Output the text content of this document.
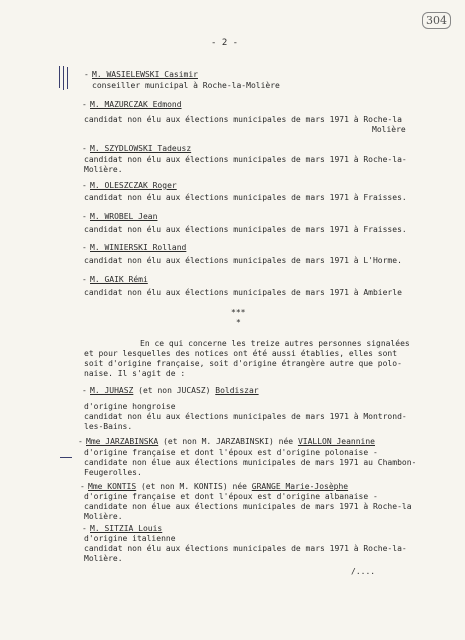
304
- 2 -
- M. WASIELEWSKI Casimir
conseiller municipal à Roche-la-Molière
- M. MAZURCZAK Edmond
candidat non élu aux élections municipales de mars 1971 à Roche-la
Molière
- M. SZYDLOWSKI Tadeusz
candidat non élu aux élections municipales de mars 1971 à Roche-la-
Molière.
- M. OLESZCZAK Roger
candidat non élu aux élections municipales de mars 1971 à Fraisses.
- M. WROBEL Jean
candidat non élu aux élections municipales de mars 1971 à Fraisses.
- M. WINIERSKI Rolland
candidat non élu aux élections municipales de mars 1971 à L'Horme.
- M. GAIK Rémi
candidat non élu aux élections municipales de mars 1971 à Ambierle
***
*
En ce qui concerne les treize autres personnes signalées
et pour lesquelles des notices ont été aussi établies, elles sont
soit d'origine française, soit d'origine étrangère autre que polo-
naise. Il s'agit de :
- M. JUHASZ (et non JUCASZ) Boldiszar
d'origine hongroise
candidat non élu aux élections municipales de mars 1971 à Montrond-
les-Bains.
- Mme JARZABINSKA (et non M. JARZABINSKI) née VIALLON Jeannine
d'origine française et dont l'époux est d'origine polonaise -
candidate non élue aux élections municipales de mars 1971 au Chambon-
Feugerolles.
- Mme KONTIS (et non M. KONTIS) née GRANGE Marie-Josèphe
d'origine française et dont l'époux est d'origine albanaise -
candidate non élue aux élections municipales de mars 1971 à Roche-la
Molière.
- M. SITZIA Louis
d'origine italienne
candidat non élu aux élections municipales de mars 1971 à Roche-la-
Molière.
/....
